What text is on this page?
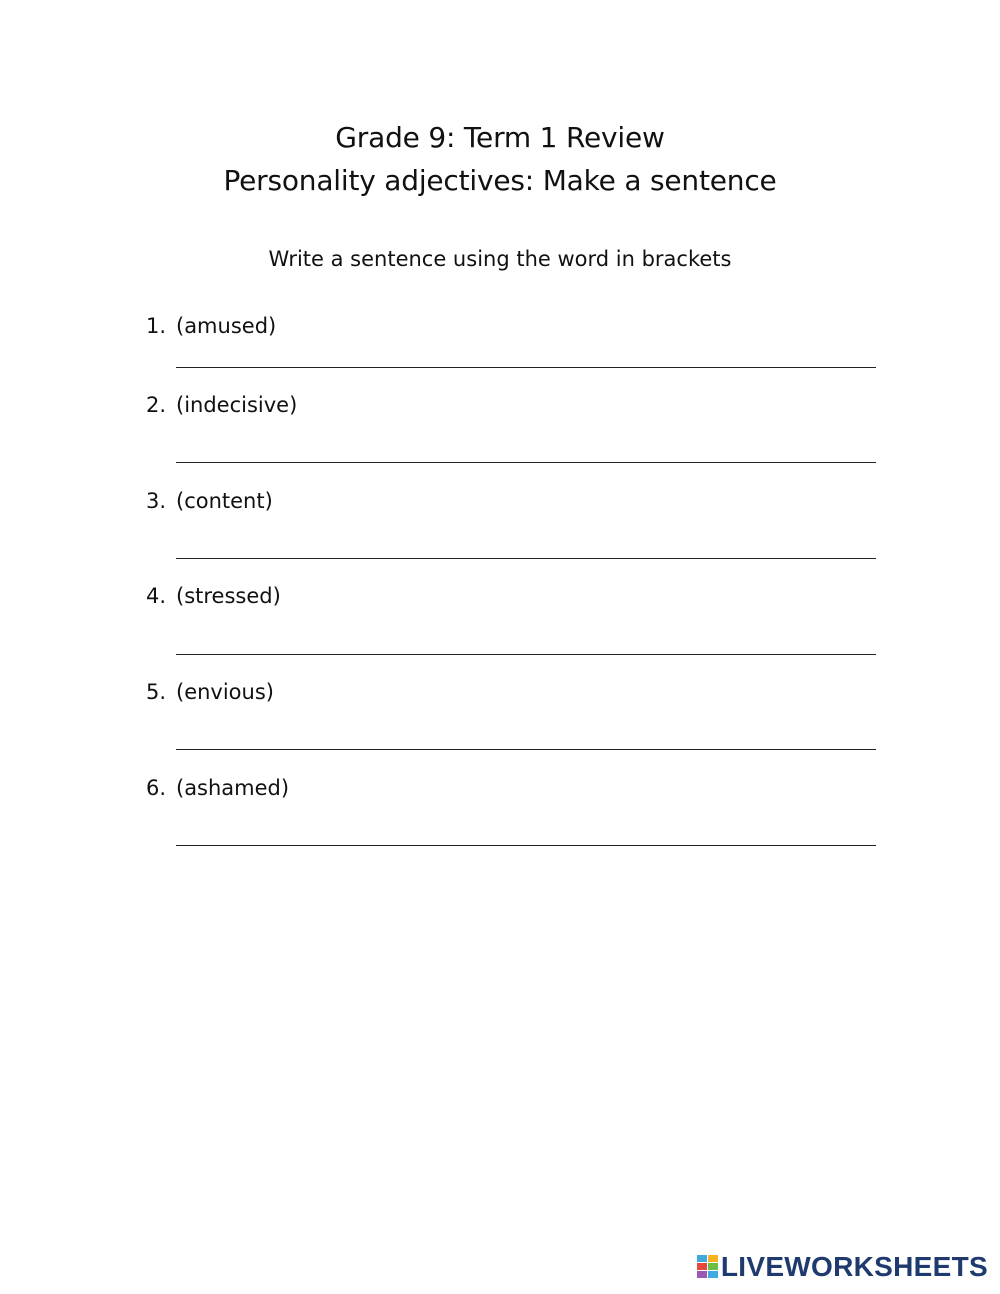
Grade 9: Term 1 Review
Personality adjectives: Make a sentence
Write a sentence using the word in brackets
1. (amused)
2. (indecisive)
3. (content)
4. (stressed)
5. (envious)
6. (ashamed)
LIVEWORKSHEETS
